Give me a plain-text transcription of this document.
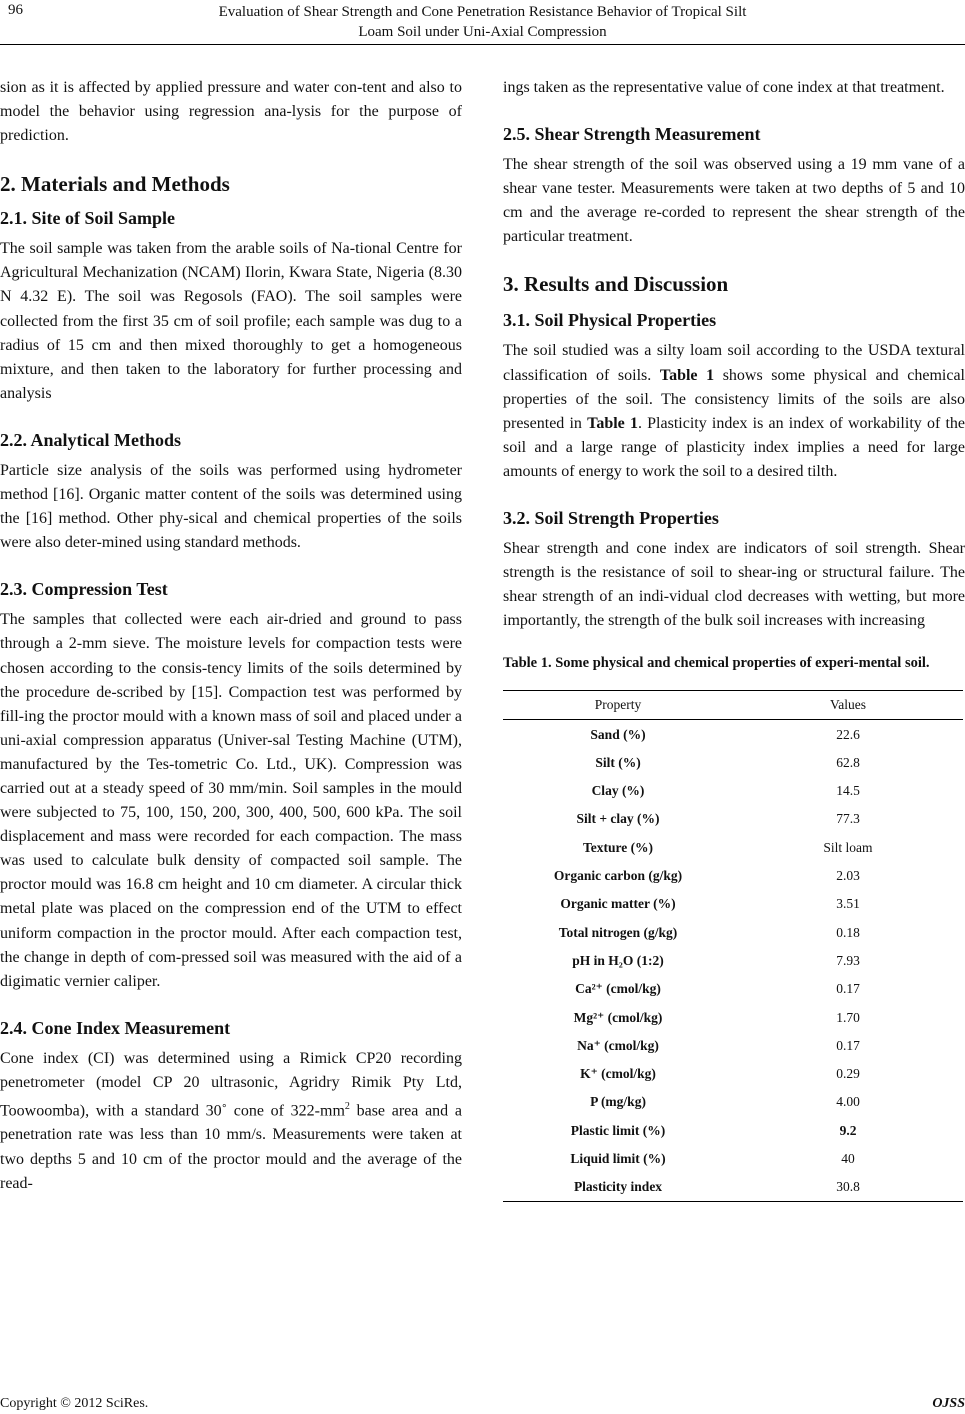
96	Evaluation of Shear Strength and Cone Penetration Resistance Behavior of Tropical Silt
Loam Soil under Uni-Axial Compression

sion as it is affected by applied pressure and water con-tent and also to model the behavior using regression ana-lysis for the purpose of prediction.

2. Materials and Methods
2.1. Site of Soil Sample

The soil sample was taken from the arable soils of Na-tional Centre for Agricultural Mechanization (NCAM) Ilorin, Kwara State, Nigeria (8.30 N 4.32 E). The soil was Regosols (FAO). The soil samples were collected from the first 35 cm of soil profile; each sample was dug to a radius of 15 cm and then mixed thoroughly to get a homogeneous mixture, and then taken to the laboratory for further processing and analysis

2.2. Analytical Methods

Particle size analysis of the soils was performed using hydrometer method [16]. Organic matter content of the soils was determined using the [16] method. Other phy-sical and chemical properties of the soils were also deter-mined using standard methods.

2.3. Compression Test

The samples that collected were each air-dried and ground to pass through a 2-mm sieve. The moisture levels for compaction tests were chosen according to the consis-tency limits of the soils determined by the procedure de-scribed by [15]. Compaction test was performed by fill-ing the proctor mould with a known mass of soil and placed under a uni-axial compression apparatus (Univer-sal Testing Machine (UTM), manufactured by the Tes-tometric Co. Ltd., UK). Compression was carried out at a steady speed of 30 mm/min. Soil samples in the mould were subjected to 75, 100, 150, 200, 300, 400, 500, 600 kPa. The soil displacement and mass were recorded for each compaction. The mass was used to calculate bulk density of compacted soil sample. The proctor mould was 16.8 cm height and 10 cm diameter. A circular thick metal plate was placed on the compression end of the UTM to effect uniform compaction in the proctor mould. After each compaction test, the change in depth of com-pressed soil was measured with the aid of a digimatic vernier caliper.

2.4. Cone Index Measurement

Cone index (CI) was determined using a Rimick CP20 recording penetrometer (model CP 20 ultrasonic, Agridry Rimik Pty Ltd, Toowoomba), with a standard 30˚ cone of $322-mm^2$ base area and a penetration rate was less than 10 mm/s. Measurements were taken at two depths 5 and 10 cm of the proctor mould and the average of the read-

ings taken as the representative value of cone index at that treatment.

2.5. Shear Strength Measurement

The shear strength of the soil was observed using a 19 mm vane of a shear vane tester. Measurements were taken at two depths of 5 and 10 cm and the average re-corded to represent the shear strength of the particular treatment.

3. Results and Discussion
3.1. Soil Physical Properties

The soil studied was a silty loam soil according to the USDA textural classification of soils. Table 1 shows some physical and chemical properties of the soil. The consistency limits of the soils are also presented in Table 1. Plasticity index is an index of workability of the soil and a large range of plasticity index implies a need for large amounts of energy to work the soil to a desired tilth.

3.2. Soil Strength Properties

Shear strength and cone index are indicators of soil strength. Shear strength is the resistance of soil to shear-ing or structural failure. The shear strength of an indi-vidual clod decreases with wetting, but more importantly, the strength of the bulk soil increases with increasing

Table 1. Some physical and chemical properties of experi-mental soil.
Property	Values
Sand (%)	22.6
Silt (%)	62.8
Clay (%)	14.5
Silt + clay (%)	77.3
Texture (%)	Silt loam
Organic carbon (g/kg)	2.03
Organic matter (%)	3.51
Total nitrogen (g/kg)	0.18
pH in H₂O (1:2)	7.93
Ca²⁺ (cmol/kg)	0.17
Mg²⁺ (cmol/kg)	1.70
Na⁺ (cmol/kg)	0.17
K⁺ (cmol/kg)	0.29
P (mg/kg)	4.00
Plastic limit (%)	9.2
Liquid limit (%)	40
Plasticity index	30.8
Copyright © 2012 SciRes.	OJSS
